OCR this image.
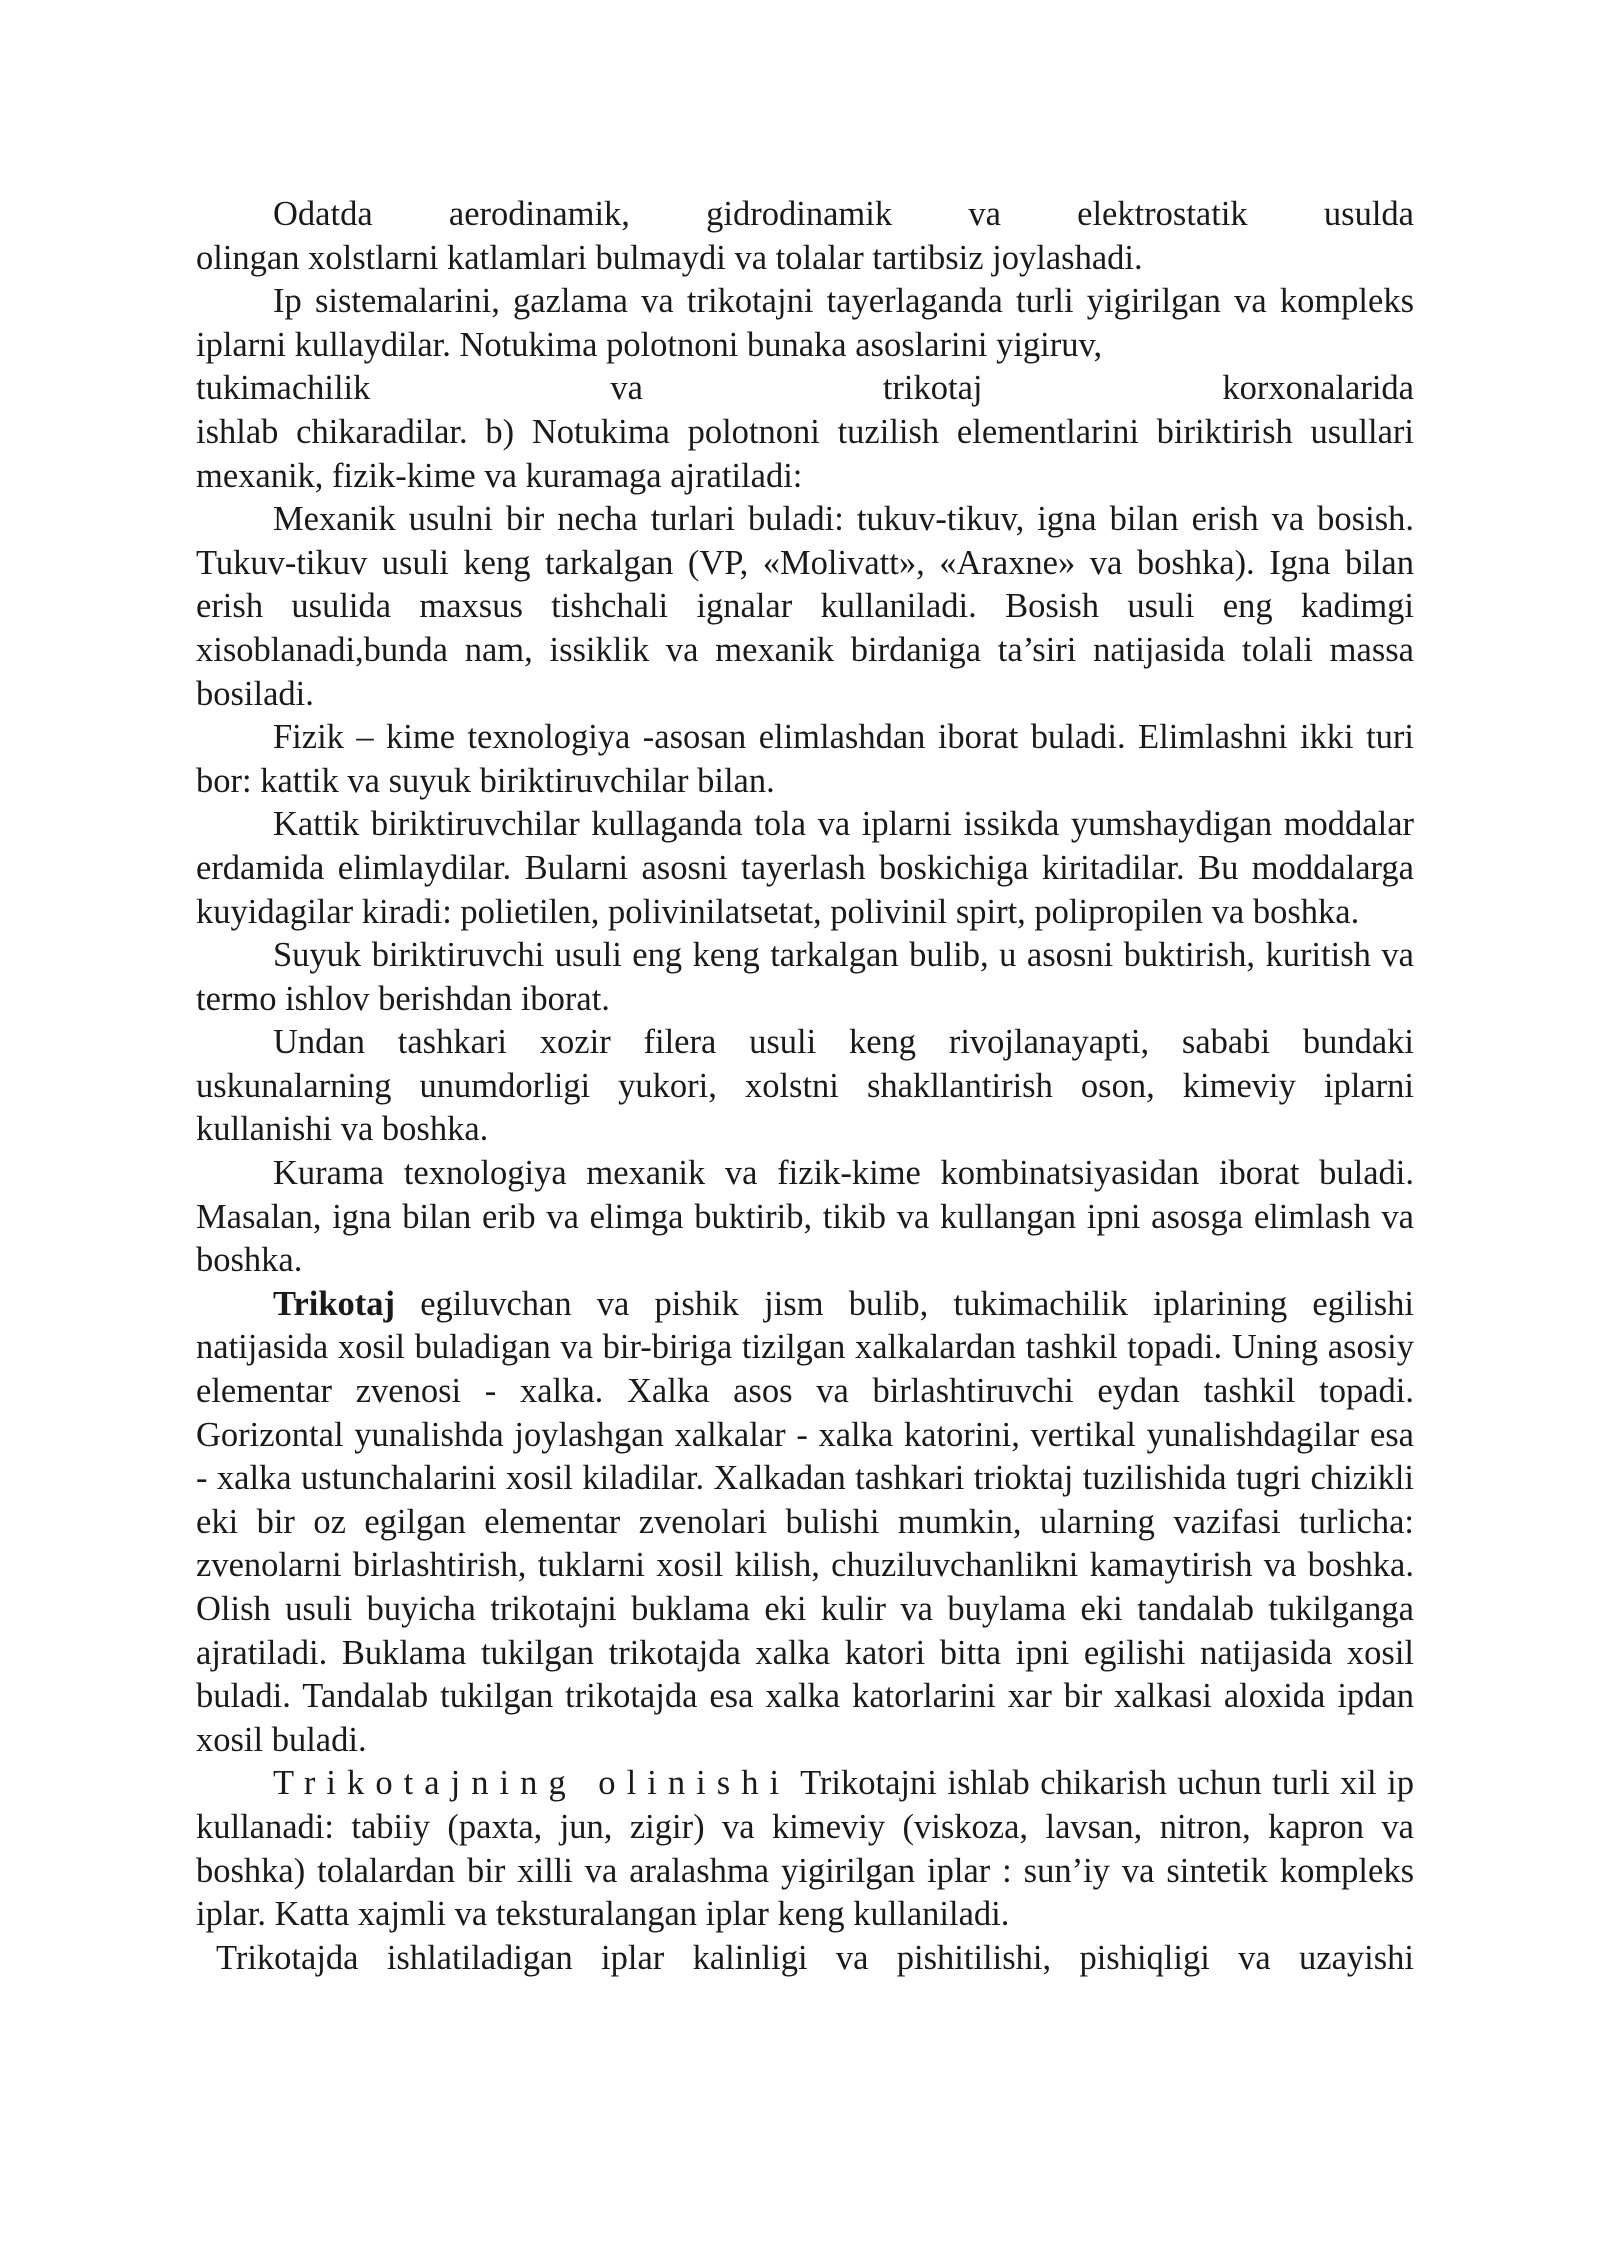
Odatda aerodinamik, gidrodinamik va elektrostatik usulda
olingan xolstlarni katlamlari bulmaydi va tolalar tartibsiz joylashadi.

Ip sistemalarini, gazlama va trikotajni tayerlaganda turli yigirilgan va kompleks iplarni kullaydilar. Notukima polotnoni bunaka asoslarini yigiruv,
tukimachilik va trikotaj korxonalarida
ishlab chikaradilar. b) Notukima polotnoni tuzilish elementlarini biriktirish usullari mexanik, fizik-kime va kuramaga ajratiladi:

Mexanik usulni bir necha turlari buladi: tukuv-tikuv, igna bilan erish va bosish. Tukuv-tikuv usuli keng tarkalgan (VP, «Molivatt», «Araxne» va boshka). Igna bilan erish usulida maxsus tishchali ignalar kullaniladi. Bosish usuli eng kadimgi xisoblanadi,bunda nam, issiklik va mexanik birdaniga ta’siri natijasida tolali massa bosiladi.

Fizik – kime texnologiya -asosan elimlashdan iborat buladi. Elimlashni ikki turi bor: kattik va suyuk biriktiruvchilar bilan.

Kattik biriktiruvchilar kullaganda tola va iplarni issikda yumshaydigan moddalar erdamida elimlaydilar. Bularni asosni tayerlash boskichiga kiritadilar. Bu moddalarga kuyidagilar kiradi: polietilen, polivinilatsetat, polivinil spirt, polipropilen va boshka.

Suyuk biriktiruvchi usuli eng keng tarkalgan bulib, u asosni buktirish, kuritish va termo ishlov berishdan iborat.

Undan tashkari xozir filera usuli keng rivojlanayapti, sababi bundaki uskunalarning unumdorligi yukori, xolstni shakllantirish oson, kimeviy iplarni kullanishi va boshka.

Kurama texnologiya mexanik va fizik-kime kombinatsiyasidan iborat buladi. Masalan, igna bilan erib va elimga buktirib, tikib va kullangan ipni asosga elimlash va boshka.

Trikotaj egiluvchan va pishik jism bulib, tukimachilik iplarining egilishi natijasida xosil buladigan va bir-biriga tizilgan xalkalardan tashkil topadi. Uning asosiy elementar zvenosi - xalka. Xalka asos va birlashtiruvchi eydan tashkil topadi. Gorizontal yunalishda joylashgan xalkalar - xalka katorini, vertikal yunalishdagilar esa - xalka ustunchalarini xosil kiladilar. Xalkadan tashkari trioktaj tuzilishida tugri chizikli eki bir oz egilgan elementar zvenolari bulishi mumkin, ularning vazifasi turlicha: zvenolarni birlashtirish, tuklarni xosil kilish, chuziluvchanlikni kamaytirish va boshka. Olish usuli buyicha trikotajni buklama eki kulir va buylama eki tandalab tukilganga ajratiladi. Buklama tukilgan trikotajda xalka katori bitta ipni egilishi natijasida xosil buladi. Tandalab tukilgan trikotajda esa xalka katorlarini xar bir xalkasi aloxida ipdan xosil buladi.

Trikotajning olinishi Trikotajni ishlab chikarish uchun turli xil ip kullanadi: tabiiy (paxta, jun, zigir) va kimeviy (viskoza, lavsan, nitron, kapron va boshka) tolalardan bir xilli va aralashma yigirilgan iplar : sun’iy va sintetik kompleks iplar. Katta xajmli va teksturalangan iplar keng kullaniladi.

Trikotajda ishlatiladigan iplar kalinligi va pishitilishi, pishiqligi va uzayishi
